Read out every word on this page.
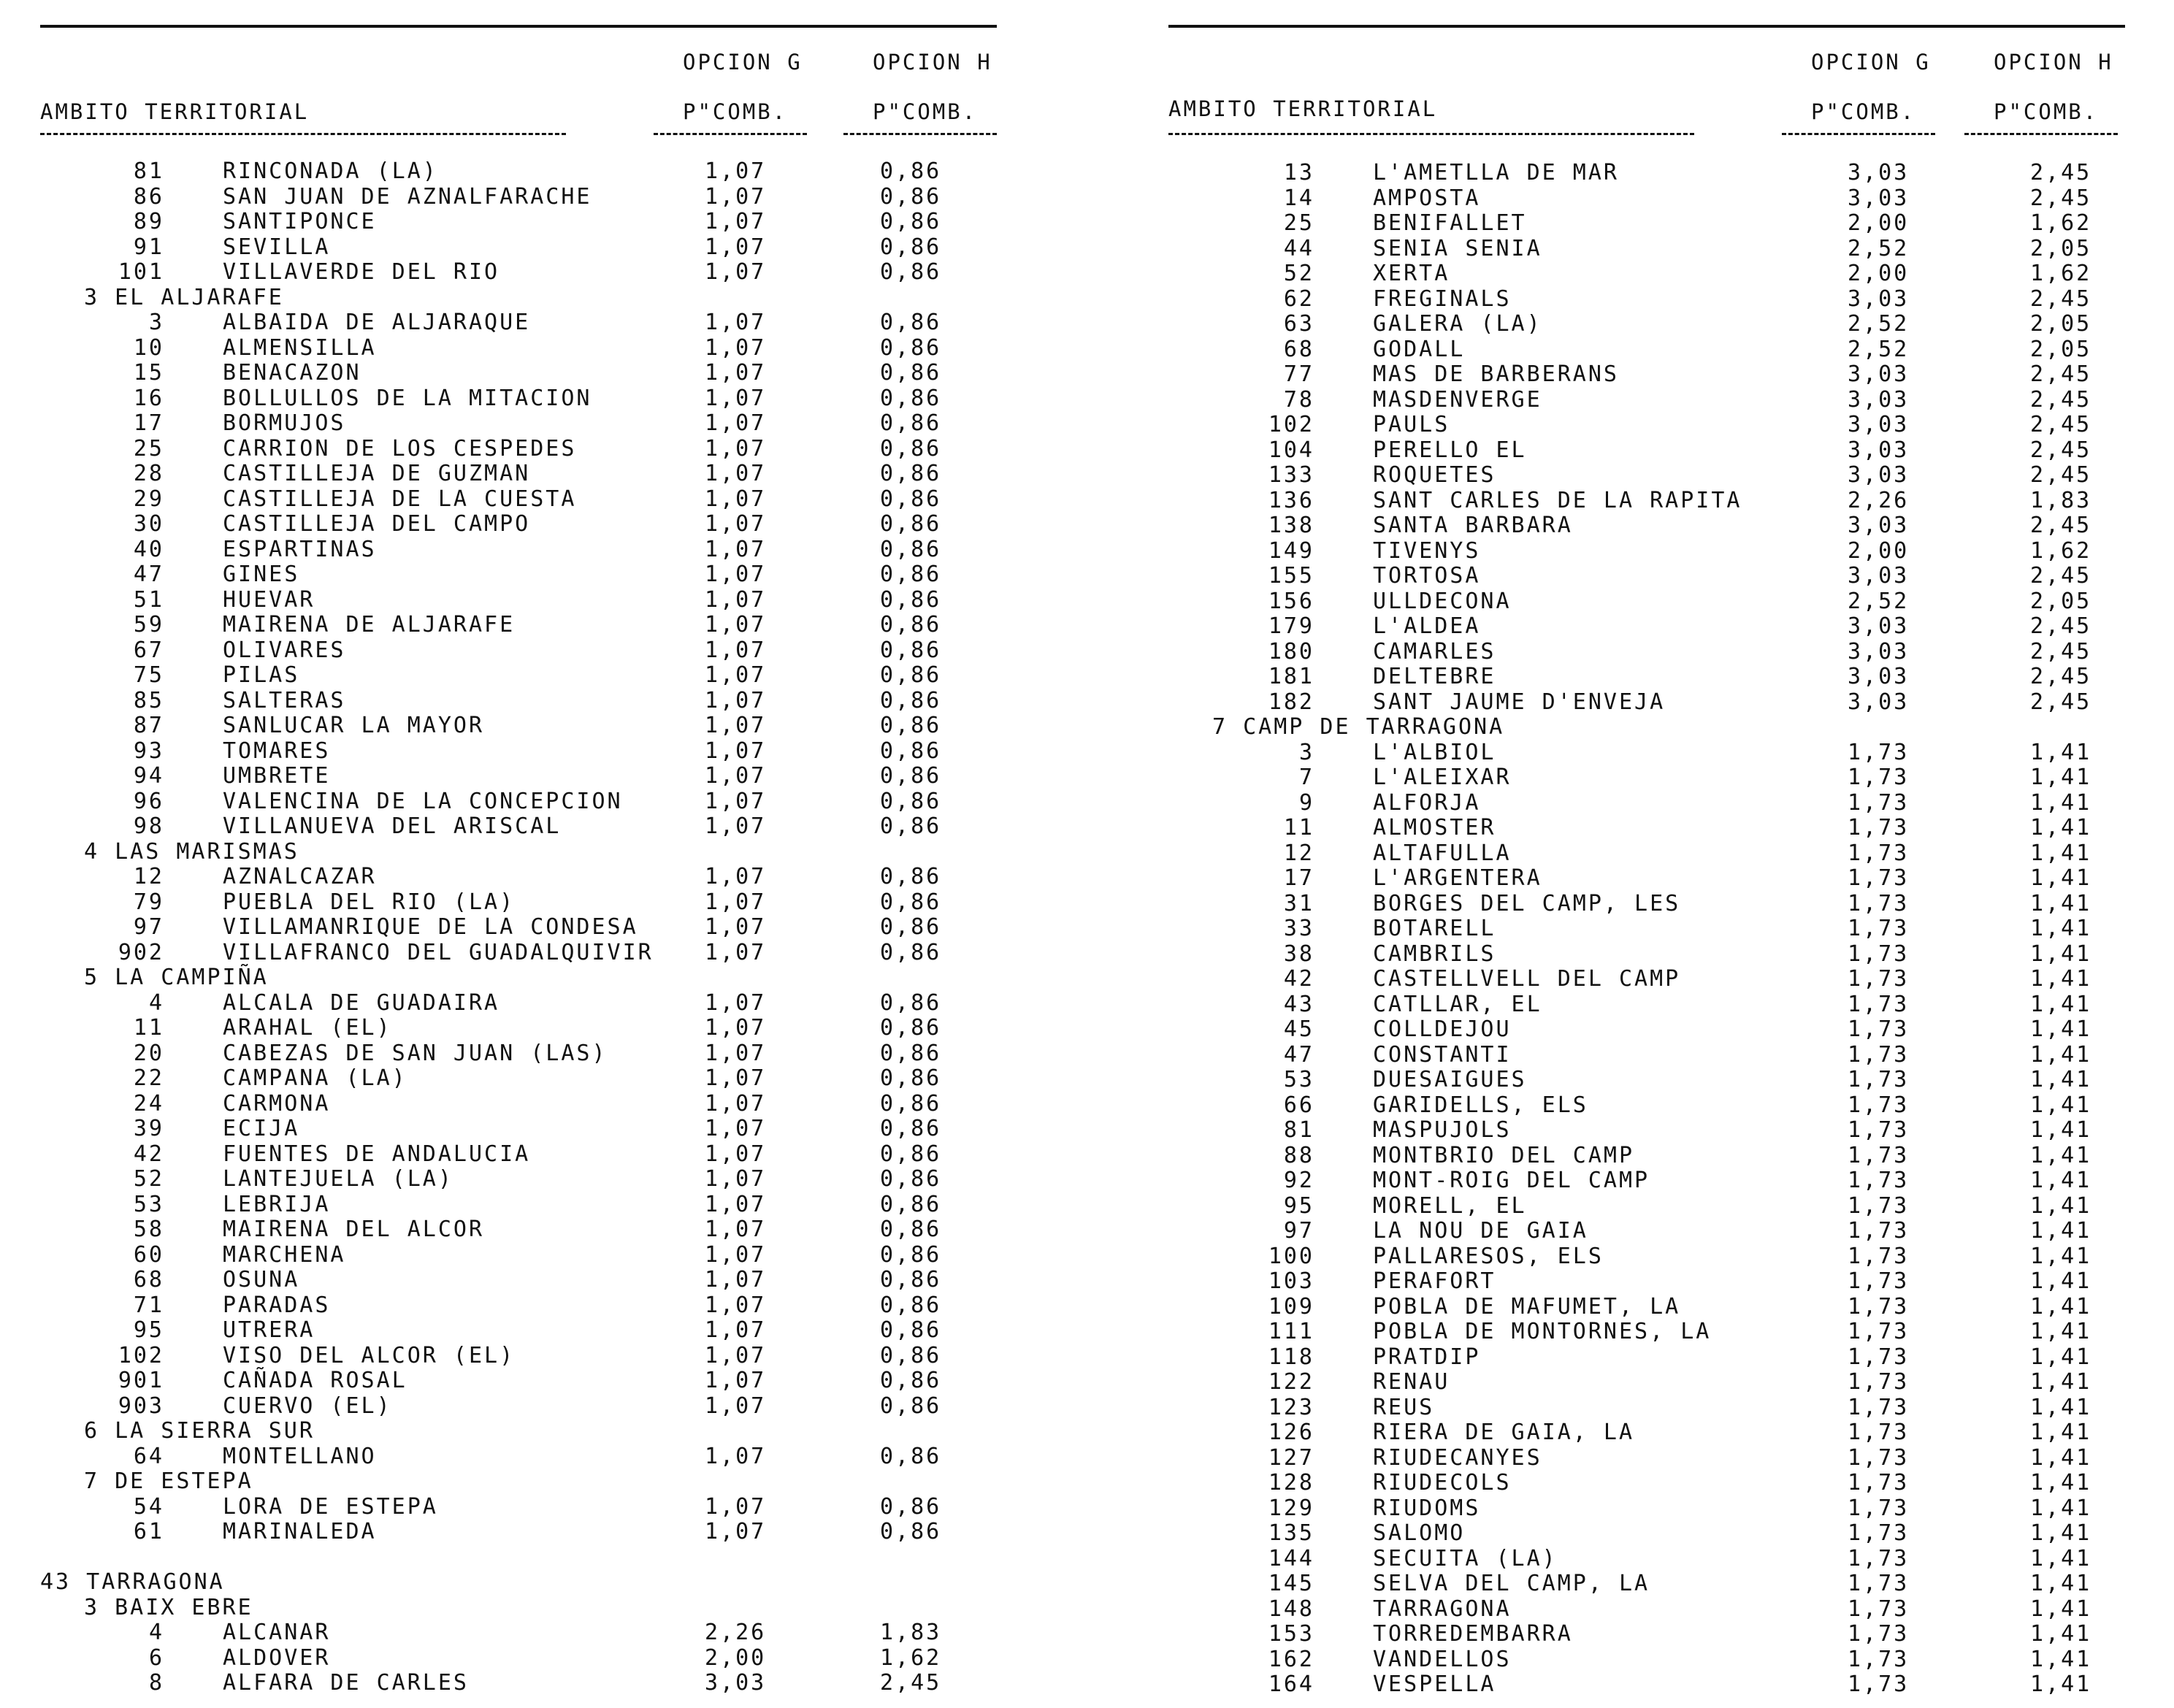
OPCION G	OPCION H
AMBITO TERRITORIAL	P"COMB.	P"COMB.
81	RINCONADA (LA)	1,07	0,86
86	SAN JUAN DE AZNALFARACHE	1,07	0,86
89	SANTIPONCE	1,07	0,86
91	SEVILLA	1,07	0,86
101	VILLAVERDE DEL RIO	1,07	0,86
3 EL ALJARAFE
3	ALBAIDA DE ALJARAQUE	1,07	0,86
10	ALMENSILLA	1,07	0,86
15	BENACAZON	1,07	0,86
16	BOLLULLOS DE LA MITACION	1,07	0,86
17	BORMUJOS	1,07	0,86
25	CARRION DE LOS CESPEDES	1,07	0,86
28	CASTILLEJA DE GUZMAN	1,07	0,86
29	CASTILLEJA DE LA CUESTA	1,07	0,86
30	CASTILLEJA DEL CAMPO	1,07	0,86
40	ESPARTINAS	1,07	0,86
47	GINES	1,07	0,86
51	HUEVAR	1,07	0,86
59	MAIRENA DE ALJARAFE	1,07	0,86
67	OLIVARES	1,07	0,86
75	PILAS	1,07	0,86
85	SALTERAS	1,07	0,86
87	SANLUCAR LA MAYOR	1,07	0,86
93	TOMARES	1,07	0,86
94	UMBRETE	1,07	0,86
96	VALENCINA DE LA CONCEPCION	1,07	0,86
98	VILLANUEVA DEL ARISCAL	1,07	0,86
4 LAS MARISMAS
12	AZNALCAZAR	1,07	0,86
79	PUEBLA DEL RIO (LA)	1,07	0,86
97	VILLAMANRIQUE DE LA CONDESA	1,07	0,86
902	VILLAFRANCO DEL GUADALQUIVIR 1,07	0,86
5 LA CAMPIÑA
4	ALCALA DE GUADAIRA	1,07	0,86
11	ARAHAL (EL)	1,07	0,86
20	CABEZAS DE SAN JUAN (LAS)	1,07	0,86
22	CAMPANA (LA)	1,07	0,86
24	CARMONA	1,07	0,86
39	ECIJA	1,07	0,86
42	FUENTES DE ANDALUCIA	1,07	0,86
52	LANTEJUELA (LA)	1,07	0,86
53	LEBRIJA	1,07	0,86
58	MAIRENA DEL ALCOR	1,07	0,86
60	MARCHENA	1,07	0,86
68	OSUNA	1,07	0,86
71	PARADAS	1,07	0,86
95	UTRERA	1,07	0,86
102	VISO DEL ALCOR (EL)	1,07	0,86
901	CAÑADA ROSAL	1,07	0,86
903	CUERVO (EL)	1,07	0,86
6 LA SIERRA SUR
64	MONTELLANO	1,07	0,86
7 DE ESTEPA
54	LORA DE ESTEPA	1,07	0,86
61	MARINALEDA	1,07	0,86
43 TARRAGONA
3 BAIX EBRE
4	ALCANAR	2,26	1,83
6	ALDOVER	2,00	1,62
8	ALFARA DE CARLES	3,03	2,45
OPCION G	OPCION H
AMBITO TERRITORIAL	P"COMB.	P"COMB.
13	L'AMETLLA DE MAR	3,03	2,45
14	AMPOSTA	3,03	2,45
25	BENIFALLET	2,00	1,62
44	SENIA SENIA	2,52	2,05
52	XERTA	2,00	1,62
62	FREGINALS	3,03	2,45
63	GALERA (LA)	2,52	2,05
68	GODALL	2,52	2,05
77	MAS DE BARBERANS	3,03	2,45
78	MASDENVERGE	3,03	2,45
102	PAULS	3,03	2,45
104	PERELLO EL	3,03	2,45
133	ROQUETES	3,03	2,45
136	SANT CARLES DE LA RAPITA	2,26	1,83
138	SANTA BARBARA	3,03	2,45
149	TIVENYS	2,00	1,62
155	TORTOSA	3,03	2,45
156	ULLDECONA	2,52	2,05
179	L'ALDEA	3,03	2,45
180	CAMARLES	3,03	2,45
181	DELTEBRE	3,03	2,45
182	SANT JAUME D'ENVEJA	3,03	2,45
7 CAMP DE TARRAGONA
3	L'ALBIOL	1,73	1,41
7	L'ALEIXAR	1,73	1,41
9	ALFORJA	1,73	1,41
11	ALMOSTER	1,73	1,41
12	ALTAFULLA	1,73	1,41
17	L'ARGENTERA	1,73	1,41
31	BORGES DEL CAMP, LES	1,73	1,41
33	BOTARELL	1,73	1,41
38	CAMBRILS	1,73	1,41
42	CASTELLVELL DEL CAMP	1,73	1,41
43	CATLLAR, EL	1,73	1,41
45	COLLDEJOU	1,73	1,41
47	CONSTANTI	1,73	1,41
53	DUESAIGUES	1,73	1,41
66	GARIDELLS, ELS	1,73	1,41
81	MASPUJOLS	1,73	1,41
88	MONTBRIO DEL CAMP	1,73	1,41
92	MONT-ROIG DEL CAMP	1,73	1,41
95	MORELL, EL	1,73	1,41
97	LA NOU DE GAIA	1,73	1,41
100	PALLARESOS, ELS	1,73	1,41
103	PERAFORT	1,73	1,41
109	POBLA DE MAFUMET, LA	1,73	1,41
111	POBLA DE MONTORNES, LA	1,73	1,41
118	PRATDIP	1,73	1,41
122	RENAU	1,73	1,41
123	REUS	1,73	1,41
126	RIERA DE GAIA, LA	1,73	1,41
127	RIUDECANYES	1,73	1,41
128	RIUDECOLS	1,73	1,41
129	RIUDOMS	1,73	1,41
135	SALOMO	1,73	1,41
144	SECUITA (LA)	1,73	1,41
145	SELVA DEL CAMP, LA	1,73	1,41
148	TARRAGONA	1,73	1,41
153	TORREDEMBARRA	1,73	1,41
162	VANDELLOS	1,73	1,41
164	VESPELLA	1,73	1,41
